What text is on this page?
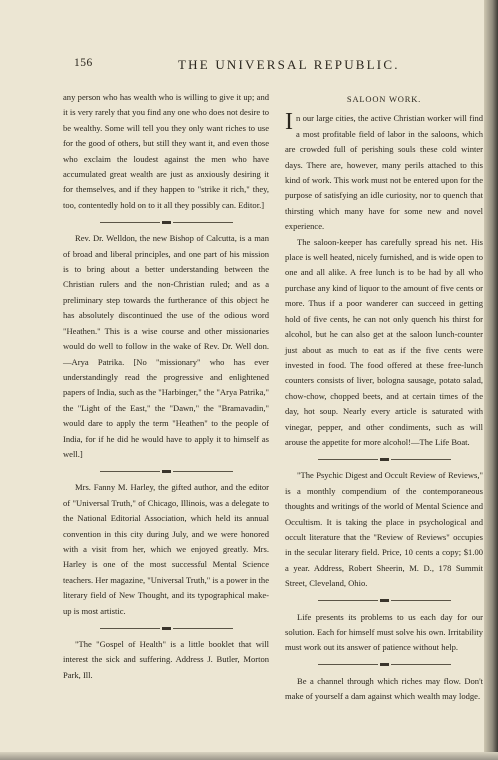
156	THE UNIVERSAL REPUBLIC.

any person who has wealth who is willing to give it up; and it is very rarely that you find any one who does not desire to be wealthy. Some will tell you they only want riches to use for the good of others, but still they want it, and even those who exclaim the loudest against the men who have accumulated great wealth are just as anxiously desiring it for themselves, and if they happen to "strike it rich," they, too, contentedly hold on to it all they possibly can. Editor.]

Rev. Dr. Welldon, the new Bishop of Calcutta, is a man of broad and liberal principles, and one part of his mission is to bring about a better understanding between the Christian rulers and the non-Christian ruled; and as a preliminary step towards the furtherance of this object he has absolutely discontinued the use of the odious word "Heathen." This is a wise course and other missionaries would do well to follow in the wake of Rev. Dr. Well don.—Arya Patrika. [No "missionary" who has ever understandingly read the progressive and enlightened papers of India, such as the "Harbinger," the "Arya Patrika," the "Light of the East," the "Dawn," the "Bramavadin," would dare to apply the term "Heathen" to the people of India, for if he did he would have to apply it to himself as well.]

Mrs. Fanny M. Harley, the gifted author, and the editor of "Universal Truth," of Chicago, Illinois, was a delegate to the National Editorial Association, which held its annual convention in this city during July, and we were honored with a visit from her, which we enjoyed greatly. Mrs. Harley is one of the most successful Mental Science teachers. Her magazine, "Universal Truth," is a power in the literary field of New Thought, and its typographical make-up is most artistic.

"The "Gospel of Health" is a little booklet that will interest the sick and suffering. Address J. Butler, Morton Park, Ill.

SALOON WORK.

In our large cities, the active Christian worker will find a most profitable field of labor in the saloons, which are crowded full of perishing souls these cold winter days. There are, however, many perils attached to this kind of work. This work must not be entered upon for the purpose of satisfying an idle curiosity, nor to quench that thirsting which many have for some new and novel experience.

The saloon-keeper has carefully spread his net. His place is well heated, nicely furnished, and is wide open to one and all alike. A free lunch is to be had by all who purchase any kind of liquor to the amount of five cents or more. Thus if a poor wanderer can succeed in getting hold of five cents, he can not only quench his thirst for alcohol, but he can also get at the saloon lunch-counter just about as much to eat as if the five cents were invested in food. The food offered at these free-lunch counters consists of liver, bologna sausage, potato salad, chow-chow, chopped beets, and at certain times of the day, hot soup. Nearly every article is saturated with vinegar, pepper, and other condiments, such as will arouse the appetite for more alcohol!—The Life Boat.

"The Psychic Digest and Occult Review of Reviews," is a monthly compendium of the contemporaneous thoughts and writings of the world of Mental Science and Occultism. It is taking the place in psychological and occult literature that the "Review of Reviews" occupies in the secular literary field. Price, 10 cents a copy; $1.00 a year. Address, Robert Sheerin, M. D., 178 Summit Street, Cleveland, Ohio.

Life presents its problems to us each day for our solution. Each for himself must solve his own. Irritability must work out its answer of patience without help.

Be a channel through which riches may flow. Don't make of yourself a dam against which wealth may lodge.
